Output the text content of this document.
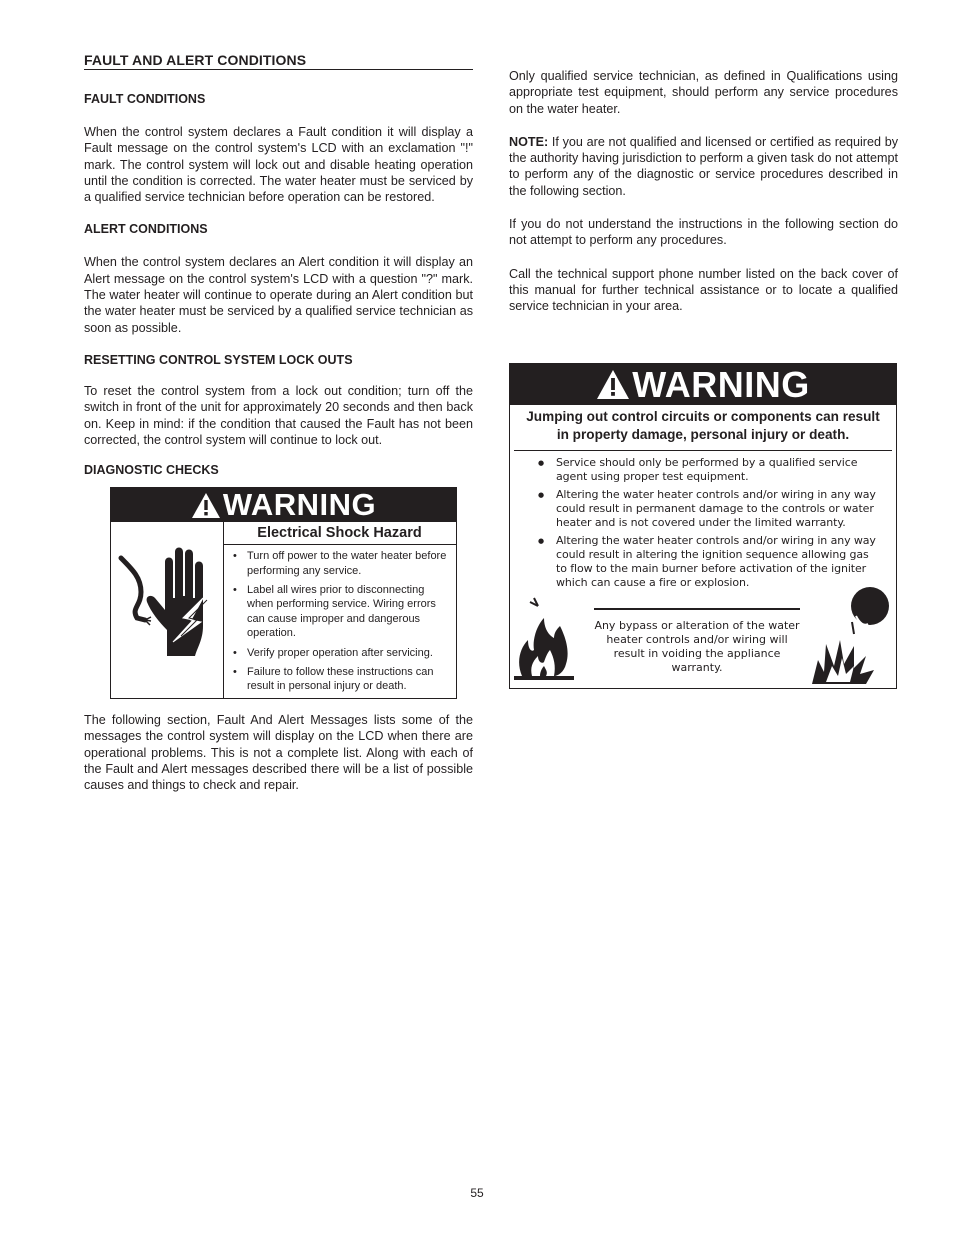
FAULT AND ALERT CONDITIONS
FAULT CONDITIONS

When the control system declares a Fault condition it will display a Fault message on the control system's LCD with an exclamation "!" mark. The control system will lock out and disable heating operation until the condition is corrected. The water heater must be serviced by a qualified service technician before operation can be restored.

ALERT CONDITIONS

When the control system declares an Alert condition it will display an Alert message on the control system's LCD with a question "?" mark. The water heater will continue to operate during an Alert condition but the water heater must be serviced by a qualified service technician as soon as possible.

RESETTING CONTROL SYSTEM LOCK OUTS

To reset the control system from a lock out condition; turn off the switch in front of the unit for approximately 20 seconds and then back on. Keep in mind: if the condition that caused the Fault has not been corrected, the control system will continue to lock out.

DIAGNOSTIC CHECKS
WARNING
Electrical Shock Hazard
• Turn off power to the water heater before performing any service.
• Label all wires prior to disconnecting when performing service. Wiring errors can cause improper and dangerous operation.
• Verify proper operation after servicing.
• Failure to follow these instructions can result in personal injury or death.

The following section, Fault And Alert Messages lists some of the messages the control system will display on the LCD when there are operational problems. This is not a complete list. Along with each of the Fault and Alert messages described there will be a list of possible causes and things to check and repair.

Only qualified service technician, as defined in Qualifications using appropriate test equipment, should perform any service procedures on the water heater.

NOTE: If you are not qualified and licensed or certified as required by the authority having jurisdiction to perform a given task do not attempt to perform any of the diagnostic or service procedures described in the following section.

If you do not understand the instructions in the following section do not attempt to perform any procedures.

Call the technical support phone number listed on the back cover of this manual for further technical assistance or to locate a qualified service technician in your area.

WARNING
Jumping out control circuits or components can result in property damage, personal injury or death.
● Service should only be performed by a qualified service agent using proper test equipment.
● Altering the water heater controls and/or wiring in any way could result in permanent damage to the controls or water heater and is not covered under the limited warranty.
● Altering the water heater controls and/or wiring in any way could result in altering the ignition sequence allowing gas to flow to the main burner before activation of the igniter which can cause a fire or explosion.
Any bypass or alteration of the water heater controls and/or wiring will result in voiding the appliance warranty.
55
